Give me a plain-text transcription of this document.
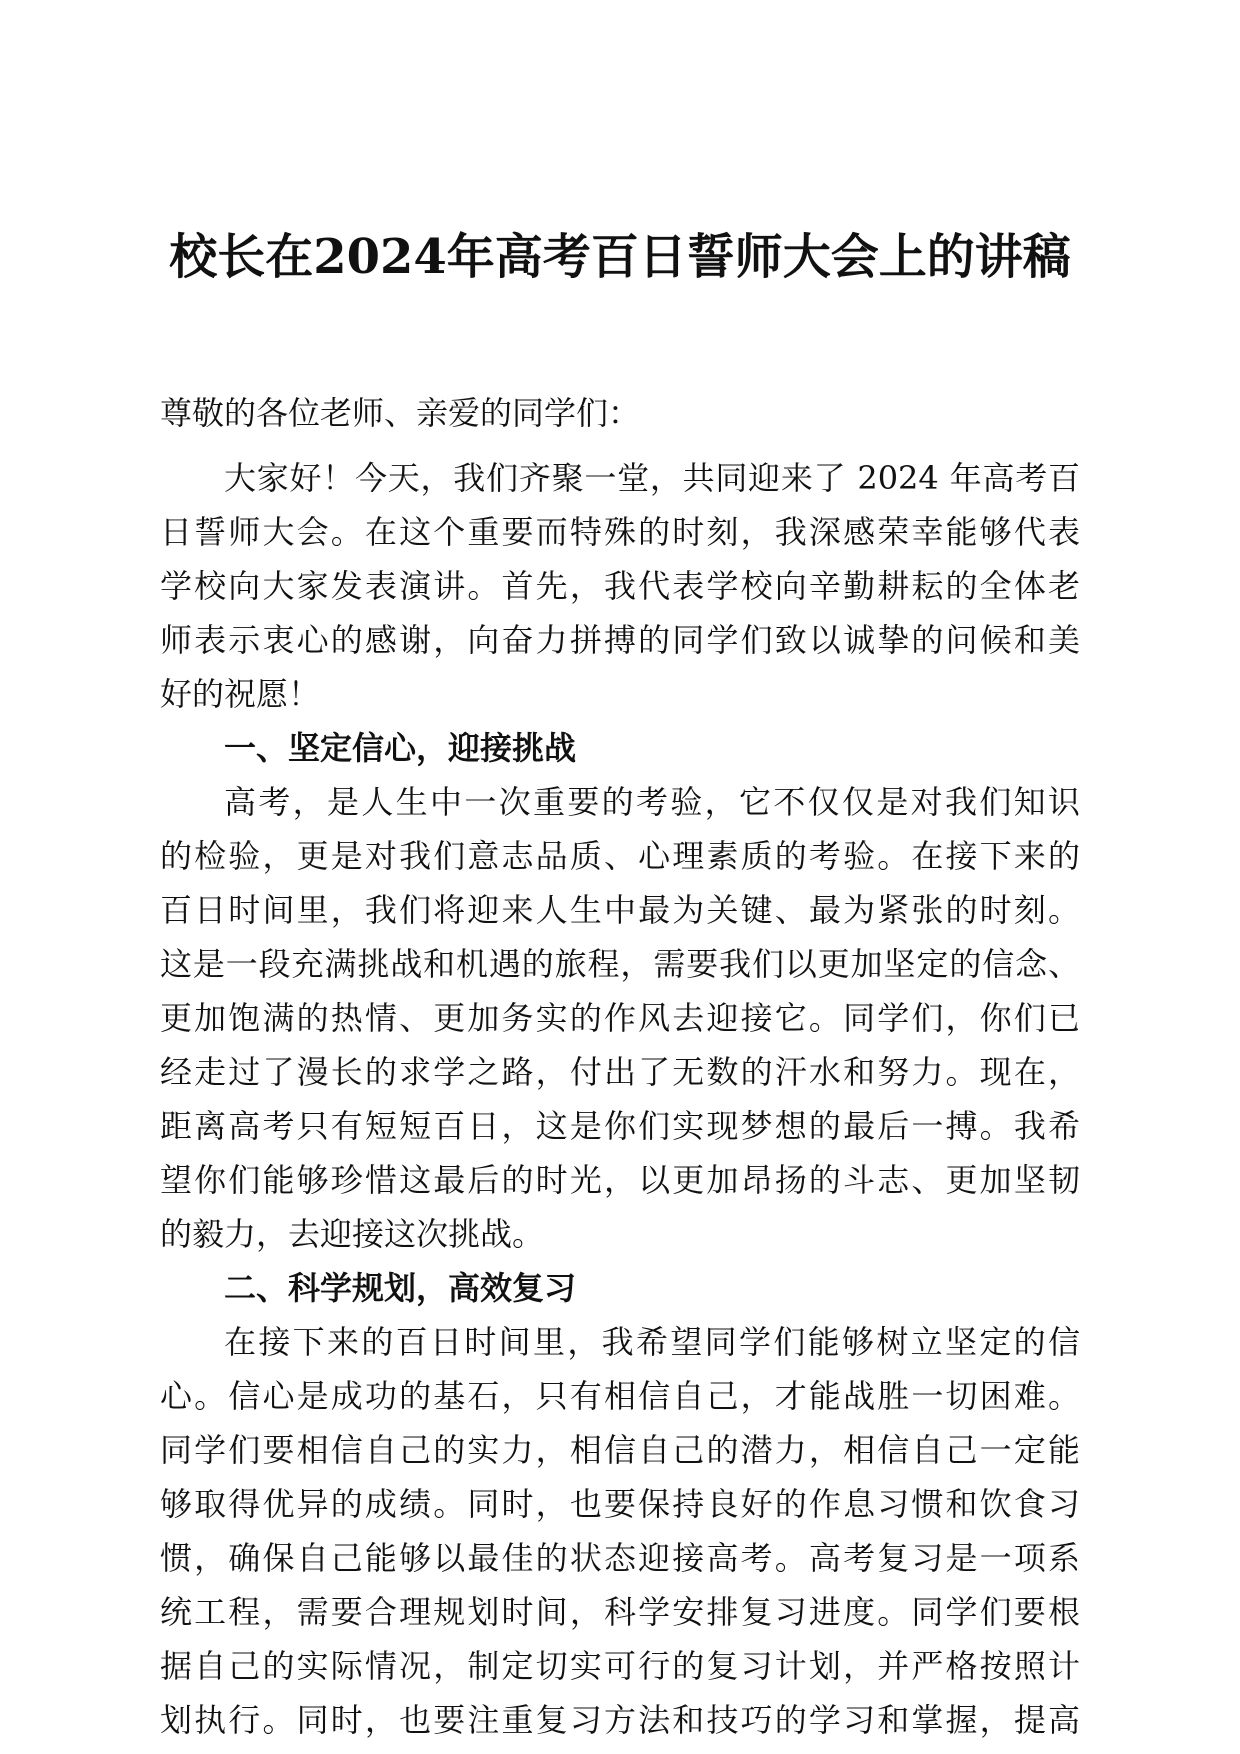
校长在2024年高考百日誓师大会上的讲稿
尊敬的各位老师、亲爱的同学们：
大家好！今天，我们齐聚一堂，共同迎来了 2024 年高考百
日誓师大会。在这个重要而特殊的时刻，我深感荣幸能够代表
学校向大家发表演讲。首先，我代表学校向辛勤耕耘的全体老
师表示衷心的感谢，向奋力拼搏的同学们致以诚挚的问候和美
好的祝愿！
一、坚定信心，迎接挑战
高考，是人生中一次重要的考验，它不仅仅是对我们知识
的检验，更是对我们意志品质、心理素质的考验。在接下来的
百日时间里，我们将迎来人生中最为关键、最为紧张的时刻。
这是一段充满挑战和机遇的旅程，需要我们以更加坚定的信念、
更加饱满的热情、更加务实的作风去迎接它。同学们，你们已
经走过了漫长的求学之路，付出了无数的汗水和努力。现在，
距离高考只有短短百日，这是你们实现梦想的最后一搏。我希
望你们能够珍惜这最后的时光，以更加昂扬的斗志、更加坚韧
的毅力，去迎接这次挑战。
二、科学规划，高效复习
在接下来的百日时间里，我希望同学们能够树立坚定的信
心。信心是成功的基石，只有相信自己，才能战胜一切困难。
同学们要相信自己的实力，相信自己的潜力，相信自己一定能
够取得优异的成绩。同时，也要保持良好的作息习惯和饮食习
惯，确保自己能够以最佳的状态迎接高考。高考复习是一项系
统工程，需要合理规划时间，科学安排复习进度。同学们要根
据自己的实际情况，制定切实可行的复习计划，并严格按照计
划执行。同时，也要注重复习方法和技巧的学习和掌握，提高
